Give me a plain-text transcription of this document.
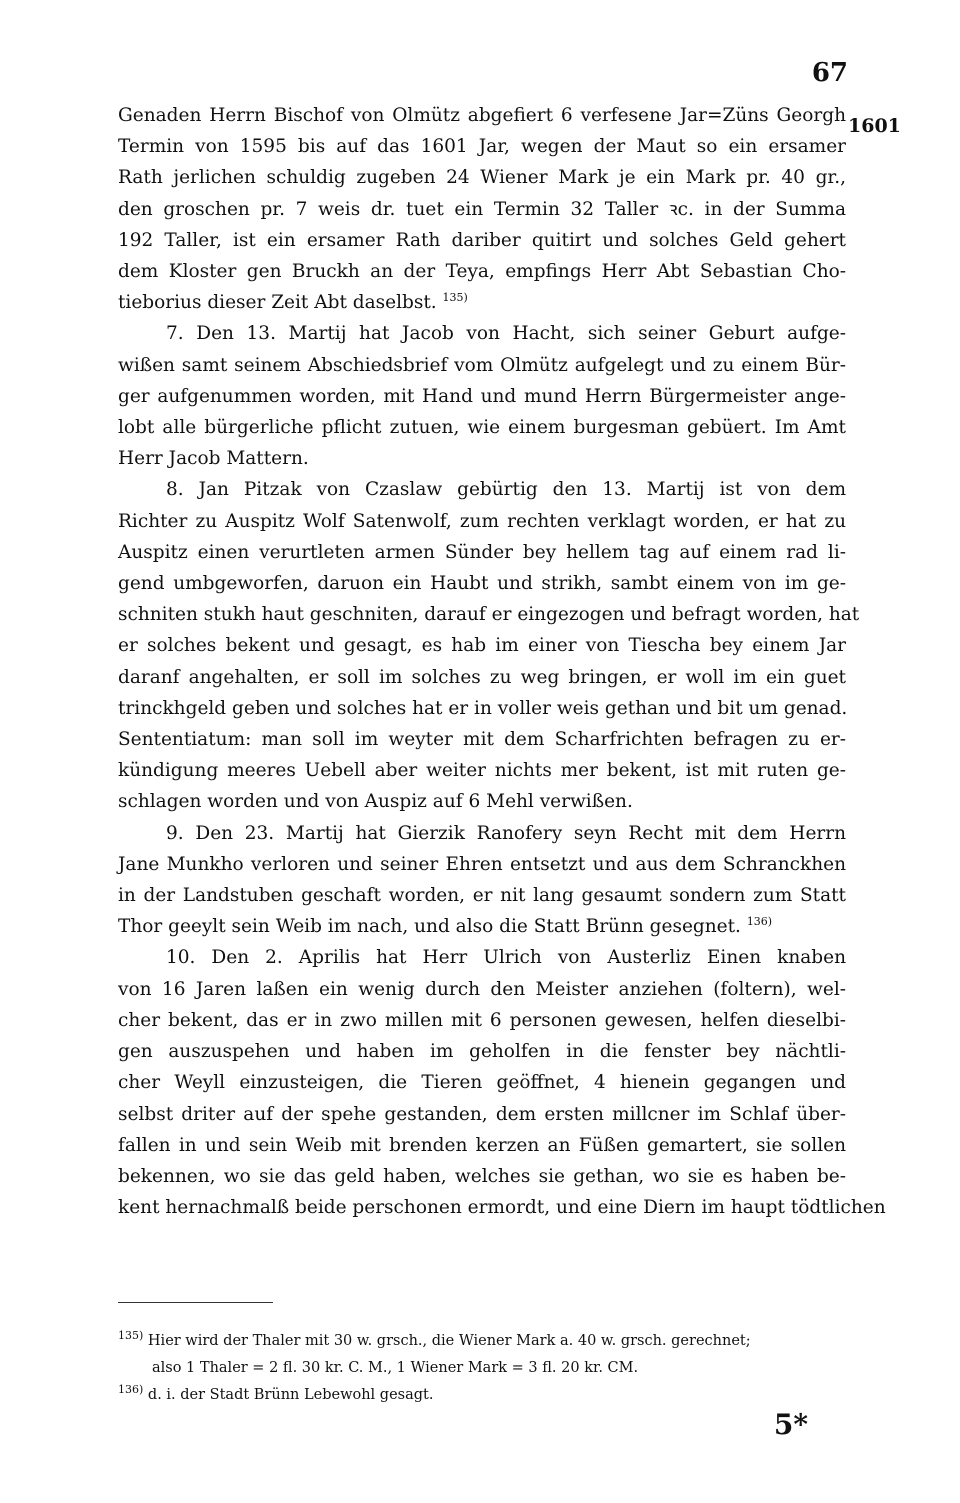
67
1601
Genaden Herrn Bischof von Olmütz abgefiert 6 verfesene Jar=Züns Georgh
Termin von 1595 bis auf das 1601 Jar, wegen der Maut so ein ersamer
Rath jerlichen schuldig zugeben 24 Wiener Mark je ein Mark pr. 40 gr.,
den groschen pr. 7 weis dr. tuet ein Termin 32 Taller ꝛc. in der Summa
192 Taller, ist ein ersamer Rath dariber quitirt und solches Geld gehert
dem Kloster gen Bruckh an der Teya, empfings Herr Abt Sebastian Cho-
tieborius dieser Zeit Abt daselbst. $^{135)}$
7. Den 13. Martij hat Jacob von Hacht, sich seiner Geburt aufge-
wißen samt seinem Abschiedsbrief vom Olmütz aufgelegt und zu einem Bür-
ger aufgenummen worden, mit Hand und mund Herrn Bürgermeister ange-
lobt alle bürgerliche pflicht zutuen, wie einem burgesman gebüert. Im Amt
Herr Jacob Mattern.
8. Jan Pitzak von Czaslaw gebürtig den 13. Martij ist von dem
Richter zu Auspitz Wolf Satenwolf, zum rechten verklagt worden, er hat zu
Auspitz einen verurtleten armen Sünder bey hellem tag auf einem rad li-
gend umbgeworfen, daruon ein Haubt und strikh, sambt einem von im ge-
schniten stukh haut geschniten, darauf er eingezogen und befragt worden, hat
er solches bekent und gesagt, es hab im einer von Tieschа bey einem Jar
daranf angehalten, er soll im solches zu weg bringen, er woll im ein guet
trinckhgeld geben und solches hat er in voller weis gethan und bit um genad.
Sententiatum: man soll im weyter mit dem Scharfrichten befragen zu er-
kündigung meeres Uebell aber weiter nichts mer bekent, ist mit ruten ge-
schlagen worden und von Auspiz auf 6 Mehl verwißen.
9. Den 23. Martij hat Gierzik Ranofery seyn Recht mit dem Herrn
Jane Munkho verloren und seiner Ehren entsetzt und aus dem Schranckhen
in der Landstuben geschaft worden, er nit lang gesaumt sondern zum Statt
Thor geeylt sein Weib im nach, und also die Statt Brünn gesegnet. $^{136)}$
10. Den 2. Aprilis hat Herr Ulrich von Austerliz Einen knaben
von 16 Jaren laßen ein wenig durch den Meister anziehen (foltern), wel-
cher bekent, das er in zwo millen mit 6 personen gewesen, helfen dieselbi-
gen auszuspehen und haben im geholfen in die fenster bey nächtli-
cher Weyll einzusteigen, die Tieren geöffnet, 4 hienein gegangen und
selbst driter auf der spehe gestanden, dem ersten millcner im Schlaf über-
fallen in und sein Weib mit brenden kerzen an Füßen gemartert, sie sollen
bekennen, wo sie das geld haben, welches sie gethan, wo sie es haben be-
kent hernachmalß beide perschonen ermordt, und eine Diern im haupt tödtlichen
$^{135)}$ Hier wird der Thaler mit 30 w. grsch., die Wiener Mark a. 40 w. grsch. gerechnet;
also 1 Thaler = 2 fl. 30 kr. C. M., 1 Wiener Mark = 3 fl. 20 kr. CM.
$^{136)}$ d. i. der Stadt Brünn Lebewohl gesagt.
5*
